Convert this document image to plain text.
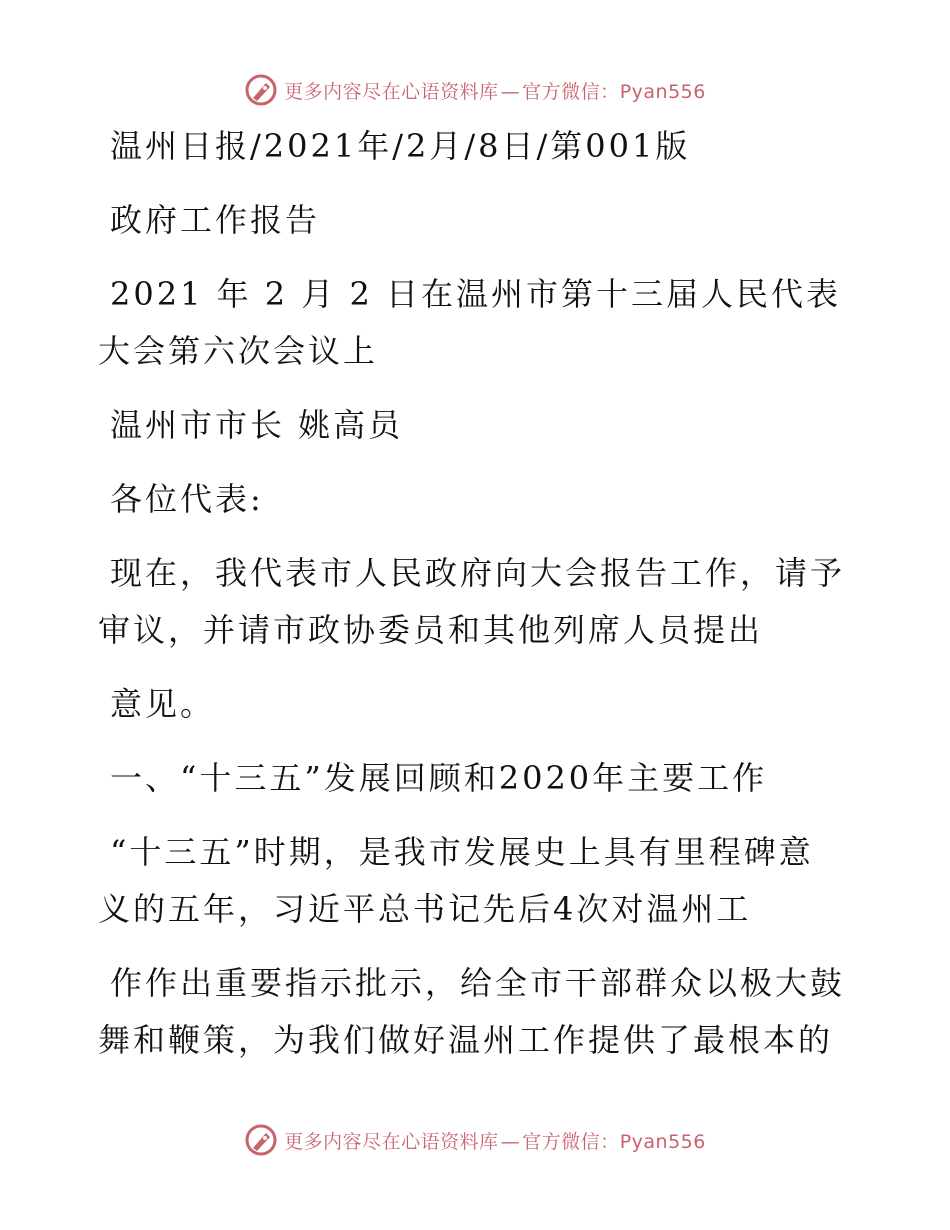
更多内容尽在心语资料库 — 官方微信：Pyan556

温州日报/2021年/2月/8日/第001版

政府工作报告

2021 年 2 月 2 日在温州市第十三届人民代表大会第六次会议上

温州市市长 姚高员

各位代表:

现在，我代表市人民政府向大会报告工作，请予审议，并请市政协委员和其他列席人员提出

意见。

一、“十三五”发展回顾和2020年主要工作

“十三五”时期，是我市发展史上具有里程碑意义的五年，习近平总书记先后4次对温州工

作作出重要指示批示，给全市干部群众以极大鼓舞和鞭策，为我们做好温州工作提供了最根本的

更多内容尽在心语资料库 — 官方微信：Pyan556
